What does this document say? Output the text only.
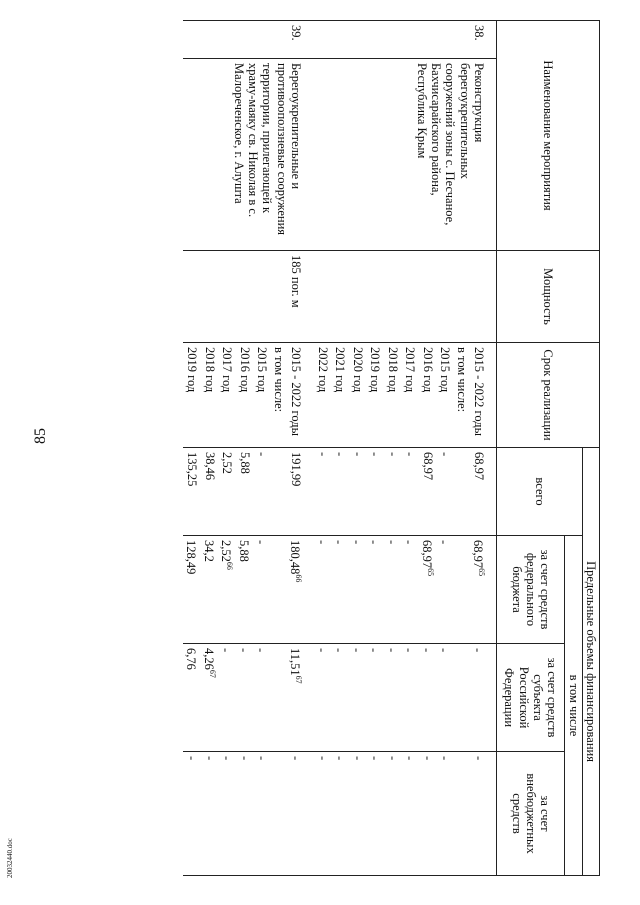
85
20032440.doc
Наименование мероприятия		Мощность	Срок реализации	Предельные объемы финансирования			
				всего	в том числе		
					за счет средств федерального бюджета	за счет средств субъекта Российской Федерации	за счет внебюджетных средств
38.	Реконструкция берегоукрепительных сооружений зоны с. Песчаное, Бахчисарайского района, Республика Крым		2015 - 2022 годы	68,97	68,97$^{65}$	-	-
			в том числе:				
			2015 год	-	-	-	-
			2016 год	68,97	68,97$^{65}$	-	-
			2017 год	-	-	-	-
			2018 год	-	-	-	-
			2019 год	-	-	-	-
			2020 год	-	-	-	-
			2021 год	-	-	-	-
			2022 год	-	-	-	-
39.	Берегоукрепительные и противооползневые сооружения территории, прилегающей к храму-маяку св. Николая в с. Малореченское, г. Алушта	185 пог. м	2015 - 2022 годы	191,99	180,48$^{66}$	11,51$^{67}$	-
			в том числе:				
			2015 год	-	-	-	-
			2016 год	5,88	5,88	-	-
			2017 год	2,52	2,52$^{66}$	-	-
			2018 год	38,46	34,2	4,26$^{67}$	-
			2019 год	135,25	128,49	6,76	-
